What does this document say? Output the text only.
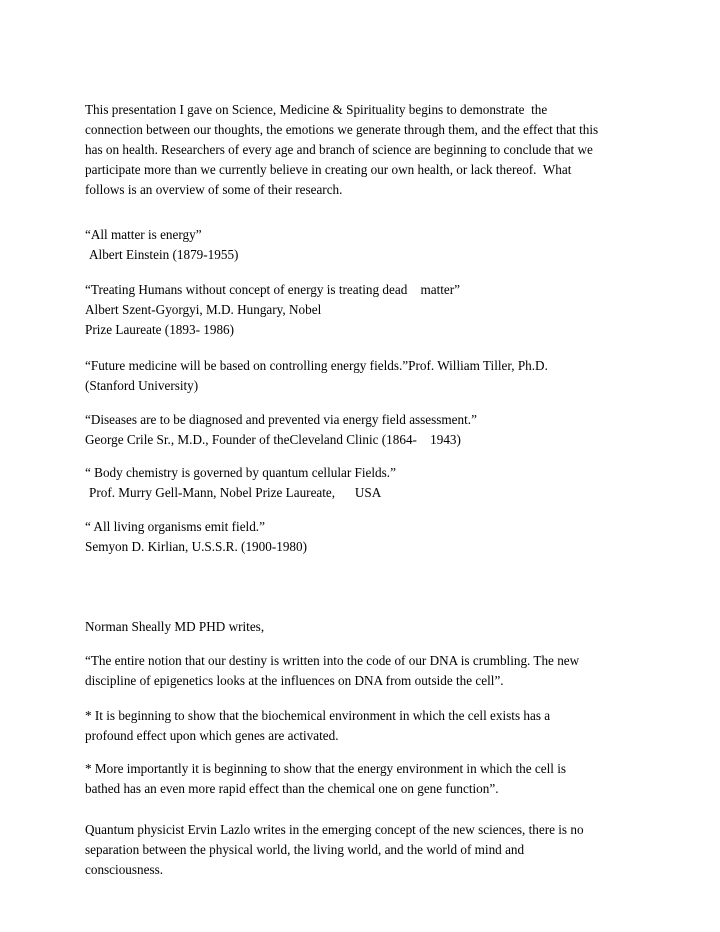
This presentation I gave on Science, Medicine & Spirituality begins to demonstrate  the
connection between our thoughts, the emotions we generate through them, and the effect that this
has on health. Researchers of every age and branch of science are beginning to conclude that we
participate more than we currently believe in creating our own health, or lack thereof.  What
follows is an overview of some of their research.
“All matter is energy”
Albert Einstein (1879-1955)
“Treating Humans without concept of energy is treating dead    matter”
Albert Szent-Gyorgyi, M.D. Hungary, Nobel
Prize Laureate (1893- 1986)
“Future medicine will be based on controlling energy fields.”Prof. William Tiller, Ph.D.
(Stanford University)
“Diseases are to be diagnosed and prevented via energy field assessment.”
George Crile Sr., M.D., Founder of theCleveland Clinic (1864-    1943)
“ Body chemistry is governed by quantum cellular Fields.”
Prof. Murry Gell-Mann, Nobel Prize Laureate,      USA
“ All living organisms emit field.”
Semyon D. Kirlian, U.S.S.R. (1900-1980)
Norman Sheally MD PHD writes,
“The entire notion that our destiny is written into the code of our DNA is crumbling. The new
discipline of epigenetics looks at the influences on DNA from outside the cell”.
* It is beginning to show that the biochemical environment in which the cell exists has a
profound effect upon which genes are activated.
* More importantly it is beginning to show that the energy environment in which the cell is
bathed has an even more rapid effect than the chemical one on gene function”.
Quantum physicist Ervin Lazlo writes in the emerging concept of the new sciences, there is no
separation between the physical world, the living world, and the world of mind and
consciousness.
